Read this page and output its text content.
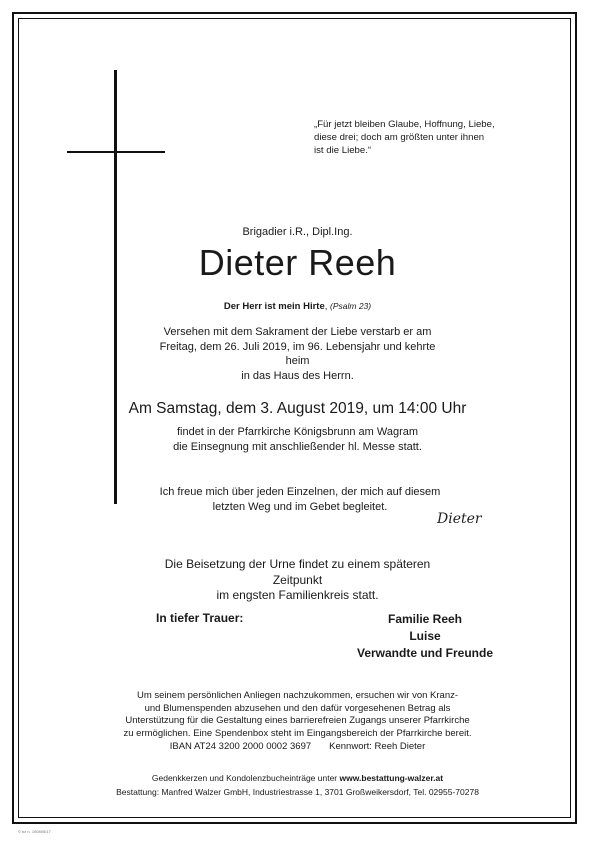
„Für jetzt bleiben Glaube, Hoffnung, Liebe,
diese drei; doch am größten unter ihnen
ist die Liebe.“
Brigadier i.R., Dipl.Ing.
Dieter Reeh
Der Herr ist mein Hirte, (Psalm 23)
Versehen mit dem Sakrament der Liebe verstarb er am
Freitag, dem 26. Juli 2019, im 96. Lebensjahr und kehrte heim
in das Haus des Herrn.
Am Samstag, dem 3. August 2019, um 14:00 Uhr
findet in der Pfarrkirche Königsbrunn am Wagram
die Einsegnung mit anschließender hl. Messe statt.
Ich freue mich über jeden Einzelnen, der mich auf diesem
letzten Weg und im Gebet begleitet.
Dieter
Die Beisetzung der Urne findet zu einem späteren Zeitpunkt
im engsten Familienkreis statt.
In tiefer Trauer:	Familie Reeh
Luise
Verwandte und Freunde
Um seinem persönlichen Anliegen nachzukommen, ersuchen wir von Kranz-
und Blumenspenden abzusehen und den dafür vorgesehenen Betrag als
Unterstützung für die Gestaltung eines barrierefreien Zugangs unserer Pfarrkirche
zu ermöglichen. Eine Spendenbox steht im Eingangsbereich der Pfarrkirche bereit.
IBAN AT24 3200 2000 0002 3697 Kennwort: Reeh Dieter
Gedenkkerzen und Kondolenzbucheinträge unter www.bestattung-walzer.at
Bestattung: Manfred Walzer GmbH, Industriestrasse 1, 3701 Großweikersdorf, Tel. 02955-70278
© bz n. 190805/17
